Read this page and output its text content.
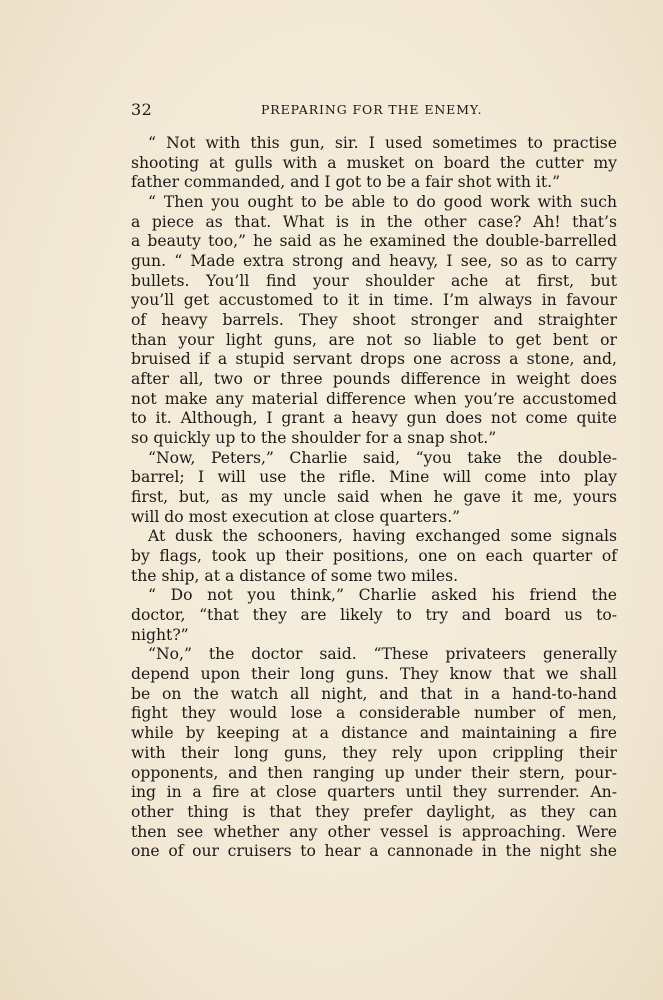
32	PREPARING FOR THE ENEMY.
“ Not with this gun, sir. I used sometimes to practise
shooting at gulls with a musket on board the cutter my
father commanded, and I got to be a fair shot with it.”
“ Then you ought to be able to do good work with such
a piece as that. What is in the other case? Ah! that’s
a beauty too,” he said as he examined the double-barrelled
gun. “ Made extra strong and heavy, I see, so as to carry
bullets. You’ll find your shoulder ache at first, but
you’ll get accustomed to it in time. I’m always in favour
of heavy barrels. They shoot stronger and straighter
than your light guns, are not so liable to get bent or
bruised if a stupid servant drops one across a stone, and,
after all, two or three pounds difference in weight does
not make any material difference when you’re accustomed
to it. Although, I grant a heavy gun does not come quite
so quickly up to the shoulder for a snap shot.”
“Now, Peters,” Charlie said, “you take the double-
barrel; I will use the rifle. Mine will come into play
first, but, as my uncle said when he gave it me, yours
will do most execution at close quarters.”
At dusk the schooners, having exchanged some signals
by flags, took up their positions, one on each quarter of
the ship, at a distance of some two miles.
“ Do not you think,” Charlie asked his friend the
doctor, “that they are likely to try and board us to-
night?”
“No,” the doctor said. “These privateers generally
depend upon their long guns. They know that we shall
be on the watch all night, and that in a hand-to-hand
fight they would lose a considerable number of men,
while by keeping at a distance and maintaining a fire
with their long guns, they rely upon crippling their
opponents, and then ranging up under their stern, pour-
ing in a fire at close quarters until they surrender. An-
other thing is that they prefer daylight, as they can
then see whether any other vessel is approaching. Were
one of our cruisers to hear a cannonade in the night she
